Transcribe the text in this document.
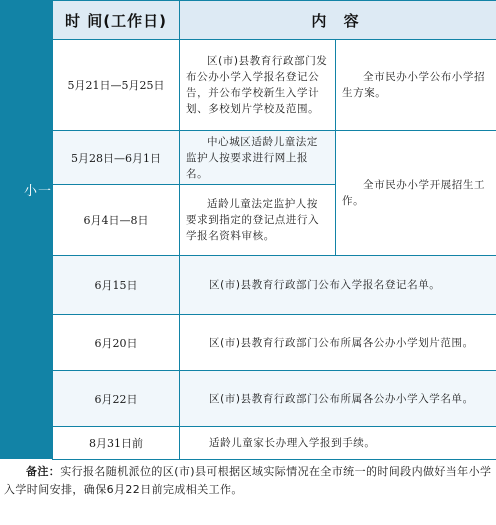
小一招生
时 间(工作日)	内 容	
5月21日—5月25日	区(市)县教育行政部门发布公办小学入学报名登记公告，并公布学校新生入学计划、多校划片学校及范围。	全市民办小学公布小学招生方案。

5月28日—6月1日	中心城区适龄儿童法定监护人按要求进行网上报名。	全市民办小学开展招生工作。

6月4日—8日	适龄儿童法定监护人按要求到指定的登记点进行入学报名资料审核。	

6月15日	区(市)县教育行政部门公布入学报名登记名单。	

6月20日	区(市)县教育行政部门公布所属各公办小学划片范围。	

6月22日	区(市)县教育行政部门公布所属各公办小学入学名单。	

8月31日前	适龄儿童家长办理入学报到手续。	
备注：实行报名随机派位的区(市)县可根据区域实际情况在全市统一的时间段内做好当年小学入学时间安排，确保6月22日前完成相关工作。
